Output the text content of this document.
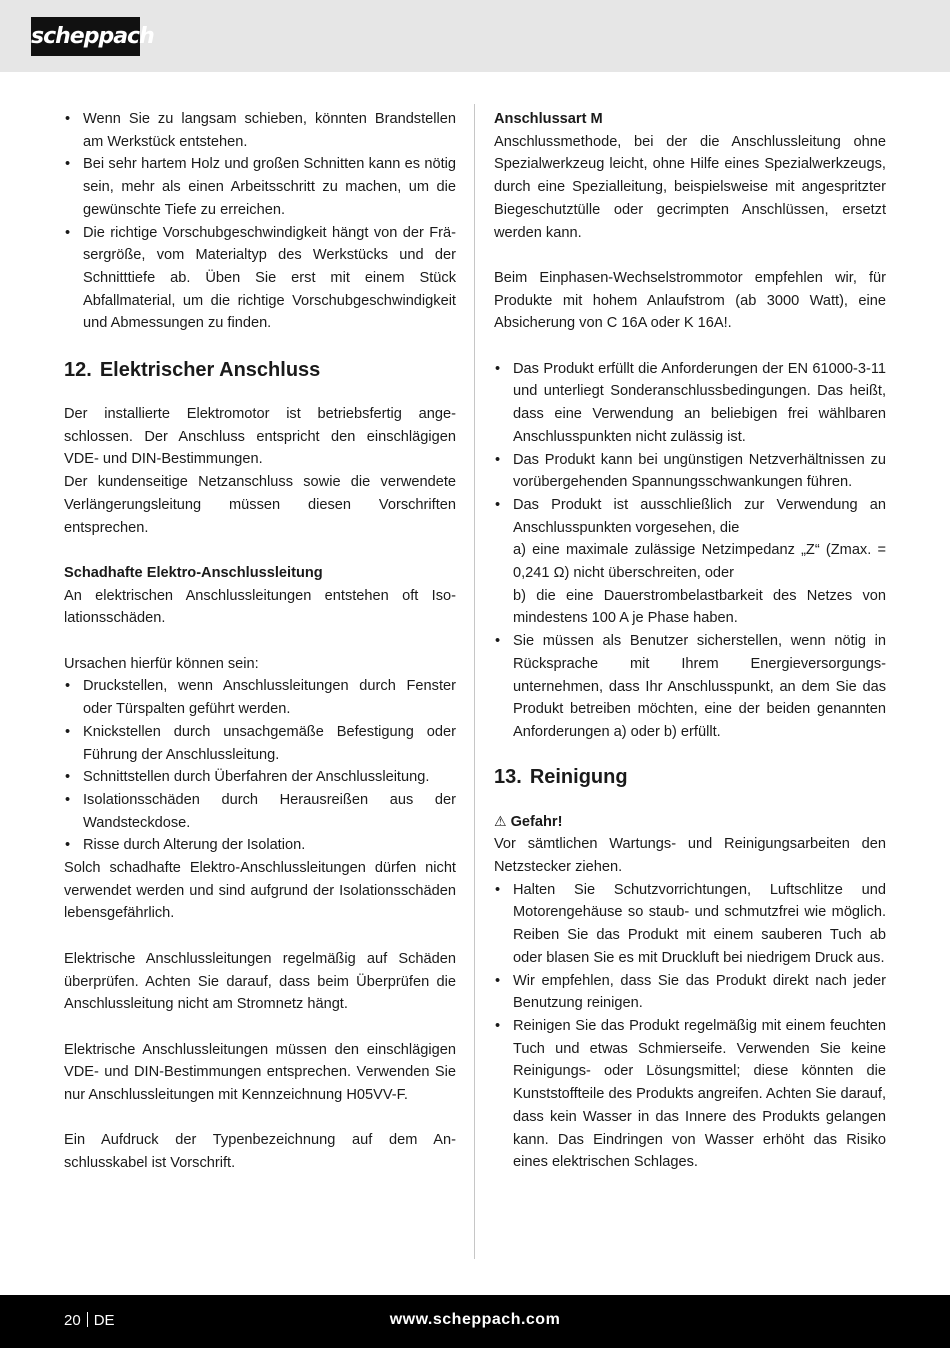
scheppach
• Wenn Sie zu langsam schieben, könnten Brandstellen am Werkstück entstehen.
• Bei sehr hartem Holz und großen Schnitten kann es nötig sein, mehr als einen Arbeitsschritt zu machen, um die gewünschte Tiefe zu erreichen.
• Die richtige Vorschubgeschwindigkeit hängt von der Fräsergröße, vom Materialtyp des Werkstücks und der Schnitttiefe ab. Üben Sie erst mit einem Stück Abfallmaterial, um die richtige Vorschubgeschwindigkeit und Abmessungen zu finden.
12. Elektrischer Anschluss

Der installierte Elektromotor ist betriebsfertig angeschlossen. Der Anschluss entspricht den einschlägigen VDE- und DIN-Bestimmungen.

Der kundenseitige Netzanschluss sowie die verwendete Verlängerungsleitung müssen diesen Vorschriften entsprechen.

Schadhafte Elektro-Anschlussleitung

An elektrischen Anschlussleitungen entstehen oft Isolationsschäden.

Ursachen hierfür können sein:

• Druckstellen, wenn Anschlussleitungen durch Fenster oder Türspalten geführt werden.
• Knickstellen durch unsachgemäße Befestigung oder Führung der Anschlussleitung.
• Schnittstellen durch Überfahren der Anschlussleitung.
• Isolationsschäden durch Herausreißen aus der Wandsteckdose.
• Risse durch Alterung der Isolation.

Solch schadhafte Elektro-Anschlussleitungen dürfen nicht verwendet werden und sind aufgrund der Isolationsschäden lebensgefährlich.

Elektrische Anschlussleitungen regelmäßig auf Schäden überprüfen. Achten Sie darauf, dass beim Überprüfen die Anschlussleitung nicht am Stromnetz hängt.

Elektrische Anschlussleitungen müssen den einschlägigen VDE- und DIN-Bestimmungen entsprechen. Verwenden Sie nur Anschlussleitungen mit Kennzeichnung H05VV-F.

Ein Aufdruck der Typenbezeichnung auf dem Anschlusskabel ist Vorschrift.

Anschlussart M

Anschlussmethode, bei der die Anschlussleitung ohne Spezialwerkzeug leicht, ohne Hilfe eines Spezialwerkzeugs, durch eine Spezialleitung, beispielsweise mit angespritzter Biegeschutztülle oder gecrimpten Anschlüssen, ersetzt werden kann.

Beim Einphasen-Wechselstrommotor empfehlen wir, für Produkte mit hohem Anlaufstrom (ab 3000 Watt), eine Absicherung von C 16A oder K 16A!.

• Das Produkt erfüllt die Anforderungen der EN 61000-3-11 und unterliegt Sonderanschlussbedingungen. Das heißt, dass eine Verwendung an beliebigen frei wählbaren Anschlusspunkten nicht zulässig ist.
• Das Produkt kann bei ungünstigen Netzverhältnissen zu vorübergehenden Spannungsschwankungen führen.
• Das Produkt ist ausschließlich zur Verwendung an Anschlusspunkten vorgesehen, die
a) eine maximale zulässige Netzimpedanz „Z“ (Zmax. = 0,241 Ω) nicht überschreiten, oder
b) die eine Dauerstrombelastbarkeit des Netzes von mindestens 100 A je Phase haben.
• Sie müssen als Benutzer sicherstellen, wenn nötig in Rücksprache mit Ihrem Energieversorgungsunternehmen, dass Ihr Anschlusspunkt, an dem Sie das Produkt betreiben möchten, eine der beiden genannten Anforderungen a) oder b) erfüllt.
13. Reinigung

⚠ Gefahr!

Vor sämtlichen Wartungs- und Reinigungsarbeiten den Netzstecker ziehen.

• Halten Sie Schutzvorrichtungen, Luftschlitze und Motorengehäuse so staub- und schmutzfrei wie möglich. Reiben Sie das Produkt mit einem sauberen Tuch ab oder blasen Sie es mit Druckluft bei niedrigem Druck aus.
• Wir empfehlen, dass Sie das Produkt direkt nach jeder Benutzung reinigen.
• Reinigen Sie das Produkt regelmäßig mit einem feuchten Tuch und etwas Schmierseife. Verwenden Sie keine Reinigungs- oder Lösungsmittel; diese könnten die Kunststoffteile des Produkts angreifen. Achten Sie darauf, dass kein Wasser in das Innere des Produkts gelangen kann. Das Eindringen von Wasser erhöht das Risiko eines elektrischen Schlages.
20 DE	www.scheppach.com
